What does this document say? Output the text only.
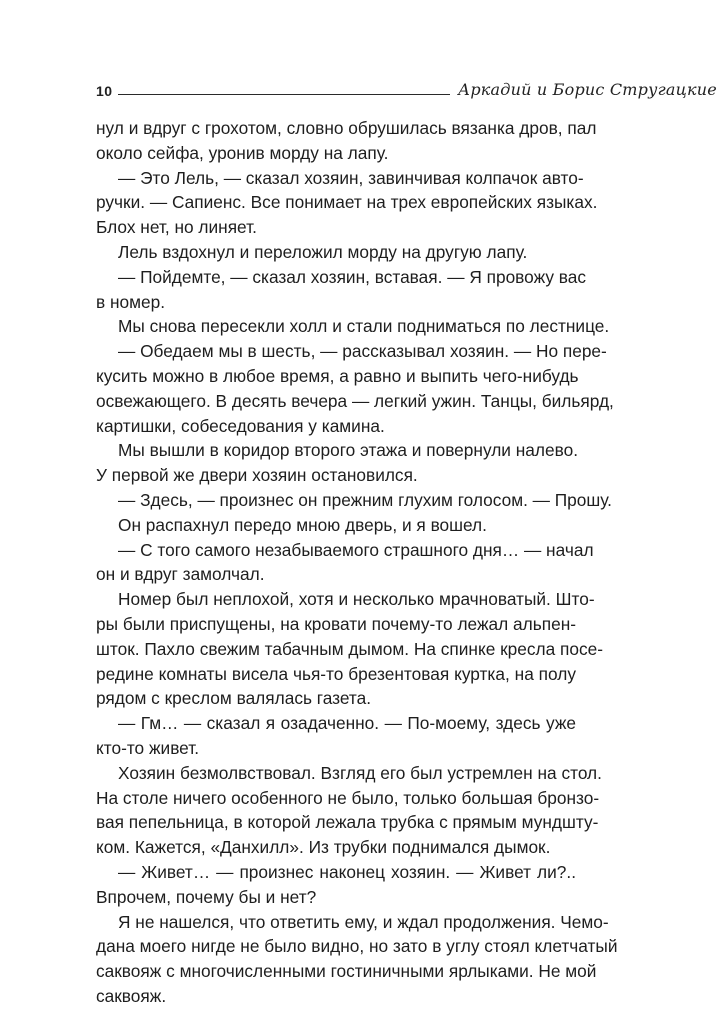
10	Аркадий и Борис Стругацкие
нул и вдруг с грохотом, словно обрушилась вязанка дров, пал
около сейфа, уронив морду на лапу.
— Это Лель, — сказал хозяин, завинчивая колпачок авто-
ручки. — Сапиенс. Все понимает на трех европейских языках.
Блох нет, но линяет.
Лель вздохнул и переложил морду на другую лапу.
— Пойдемте, — сказал хозяин, вставая. — Я провожу вас
в номер.
Мы снова пересекли холл и стали подниматься по лестнице.
— Обедаем мы в шесть, — рассказывал хозяин. — Но пере-
кусить можно в любое время, а равно и выпить чего-нибудь
освежающего. В десять вечера — легкий ужин. Танцы, бильярд,
картишки, собеседования у камина.
Мы вышли в коридор второго этажа и повернули налево.
У первой же двери хозяин остановился.
— Здесь, — произнес он прежним глухим голосом. — Прошу.
Он распахнул передо мною дверь, и я вошел.
— С того самого незабываемого страшного дня… — начал
он и вдруг замолчал.
Номер был неплохой, хотя и несколько мрачноватый. Што-
ры были приспущены, на кровати почему-то лежал альпен-
шток. Пахло свежим табачным дымом. На спинке кресла посе-
редине комнаты висела чья-то брезентовая куртка, на полу
рядом с креслом валялась газета.
— Гм… — сказал я озадаченно. — По-моему, здесь уже
кто-то живет.
Хозяин безмолвствовал. Взгляд его был устремлен на стол.
На столе ничего особенного не было, только большая бронзо-
вая пепельница, в которой лежала трубка с прямым мундшту-
ком. Кажется, «Данхилл». Из трубки поднимался дымок.
— Живет… — произнес наконец хозяин. — Живет ли?..
Впрочем, почему бы и нет?
Я не нашелся, что ответить ему, и ждал продолжения. Чемо-
дана моего нигде не было видно, но зато в углу стоял клетчатый
саквояж с многочисленными гостиничными ярлыками. Не мой
саквояж.
